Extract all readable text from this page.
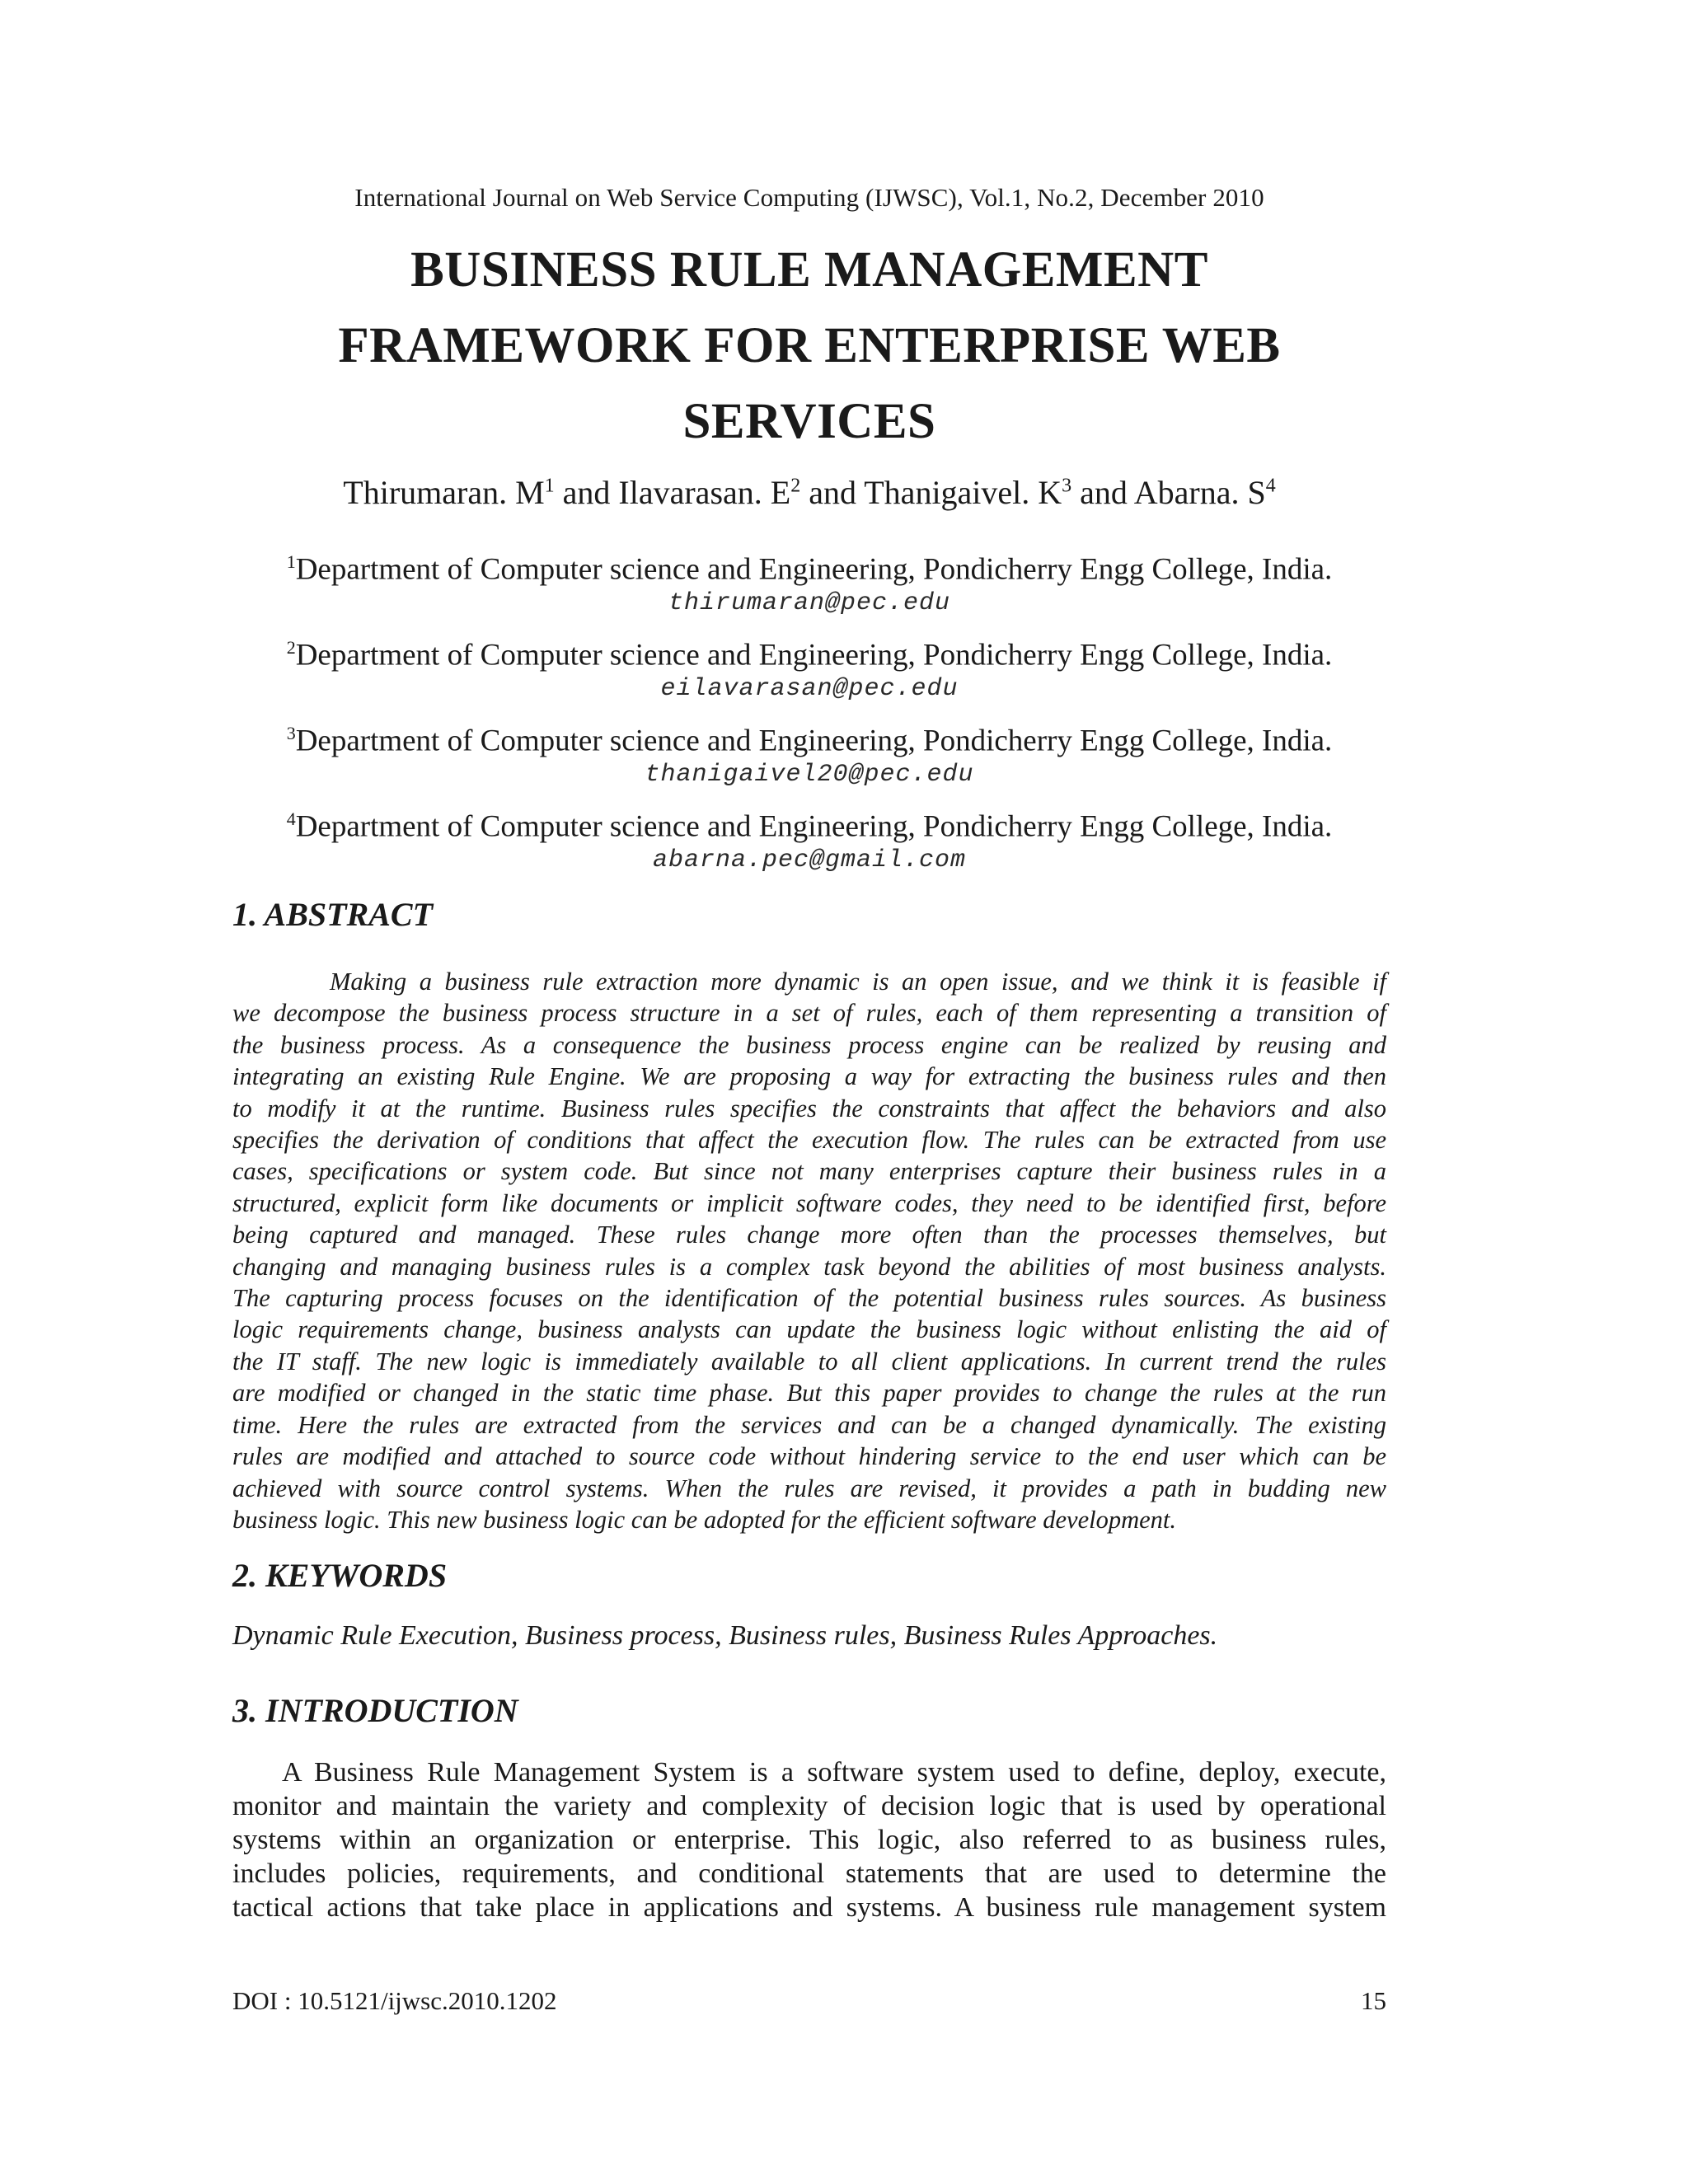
International Journal on Web Service Computing (IJWSC), Vol.1, No.2, December 2010
BUSINESS RULE MANAGEMENT
FRAMEWORK FOR ENTERPRISE WEB
SERVICES
Thirumaran. $M^1$ and Ilavarasan. $E^2$ and Thanigaivel. $K^3$ and Abarna. $S^4$
$^1$Department of Computer science and Engineering, Pondicherry Engg College, India.
thirumaran@pec.edu
$^2$Department of Computer science and Engineering, Pondicherry Engg College, India.
eilavarasan@pec.edu
$^3$Department of Computer science and Engineering, Pondicherry Engg College, India.
thanigaivel20@pec.edu
$^4$Department of Computer science and Engineering, Pondicherry Engg College, India.
abarna.pec@gmail.com
1. ABSTRACT

Making a business rule extraction more dynamic is an open issue, and we think it is feasible if
we decompose the business process structure in a set of rules, each of them representing a transition of
the business process. As a consequence the business process engine can be realized by reusing and
integrating an existing Rule Engine. We are proposing a way for extracting the business rules and then
to modify it at the runtime. Business rules specifies the constraints that affect the behaviors and also
specifies the derivation of conditions that affect the execution flow. The rules can be extracted from use
cases, specifications or system code. But since not many enterprises capture their business rules in a
structured, explicit form like documents or implicit software codes, they need to be identified first, before
being captured and managed. These rules change more often than the processes themselves, but
changing and managing business rules is a complex task beyond the abilities of most business analysts.
The capturing process focuses on the identification of the potential business rules sources. As business
logic requirements change, business analysts can update the business logic without enlisting the aid of
the IT staff. The new logic is immediately available to all client applications. In current trend the rules
are modified or changed in the static time phase. But this paper provides to change the rules at the run
time. Here the rules are extracted from the services and can be a changed dynamically. The existing
rules are modified and attached to source code without hindering service to the end user which can be
achieved with source control systems. When the rules are revised, it provides a path in budding new
business logic. This new business logic can be adopted for the efficient software development.

2. KEYWORDS
Dynamic Rule Execution, Business process, Business rules, Business Rules Approaches.
3. INTRODUCTION

A Business Rule Management System is a software system used to define, deploy, execute,
monitor and maintain the variety and complexity of decision logic that is used by operational
systems within an organization or enterprise. This logic, also referred to as business rules,
includes policies, requirements, and conditional statements that are used to determine the
tactical actions that take place in applications and systems. A business rule management system

DOI : 10.5121/ijwsc.2010.1202	15
